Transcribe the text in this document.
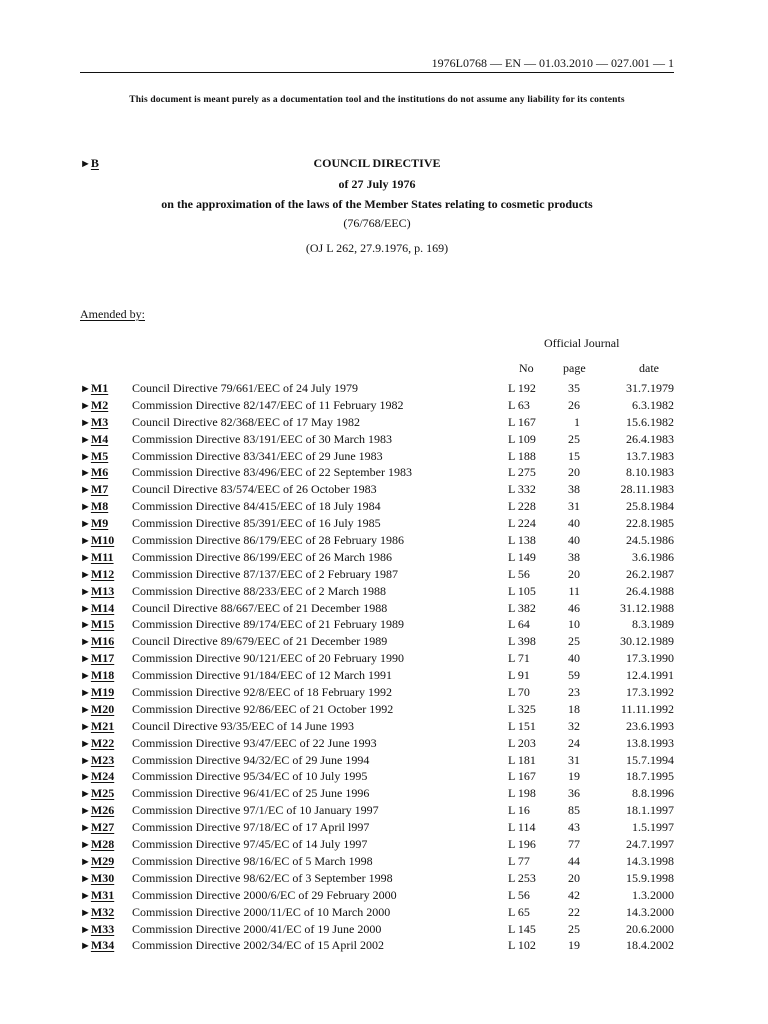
1976L0768 — EN — 01.03.2010 — 027.001 — 1
This document is meant purely as a documentation tool and the institutions do not assume any liability for its contents
►B	COUNCIL DIRECTIVE
of 27 July 1976
on the approximation of the laws of the Member States relating to cosmetic products
(76/768/EEC)
(OJ L 262, 27.9.1976, p. 169)
Amended by:
Official Journal
No page	date
►M1 Council Directive 79/661/EEC of 24 July 1979	L 192	35	31.7.1979
►M2 Commission Directive 82/147/EEC of 11 February 1982	L 63	26	6.3.1982
►M3 Council Directive 82/368/EEC of 17 May 1982	L 167	1	15.6.1982
►M4 Commission Directive 83/191/EEC of 30 March 1983	L 109	25	26.4.1983
►M5 Commission Directive 83/341/EEC of 29 June 1983	L 188	15	13.7.1983
►M6 Commission Directive 83/496/EEC of 22 September 1983	L 275	20	8.10.1983
►M7 Council Directive 83/574/EEC of 26 October 1983	L 332	38	28.11.1983
►M8 Commission Directive 84/415/EEC of 18 July 1984	L 228	31	25.8.1984
►M9 Commission Directive 85/391/EEC of 16 July 1985	L 224	40	22.8.1985
►M10 Commission Directive 86/179/EEC of 28 February 1986	L 138	40	24.5.1986
►M11 Commission Directive 86/199/EEC of 26 March 1986	L 149	38	3.6.1986
►M12 Commission Directive 87/137/EEC of 2 February 1987	L 56	20	26.2.1987
►M13 Commission Directive 88/233/EEC of 2 March 1988	L 105	11	26.4.1988
►M14 Council Directive 88/667/EEC of 21 December 1988	L 382	46	31.12.1988
►M15 Commission Directive 89/174/EEC of 21 February 1989	L 64	10	8.3.1989
►M16 Council Directive 89/679/EEC of 21 December 1989	L 398	25	30.12.1989
►M17 Commission Directive 90/121/EEC of 20 February 1990	L 71	40	17.3.1990
►M18 Commission Directive 91/184/EEC of 12 March 1991	L 91	59	12.4.1991
►M19 Commission Directive 92/8/EEC of 18 February 1992	L 70	23	17.3.1992
►M20 Commission Directive 92/86/EEC of 21 October 1992	L 325	18	11.11.1992
►M21 Council Directive 93/35/EEC of 14 June 1993	L 151	32	23.6.1993
►M22 Commission Directive 93/47/EEC of 22 June 1993	L 203	24	13.8.1993
►M23 Commission Directive 94/32/EC of 29 June 1994	L 181	31	15.7.1994
►M24 Commission Directive 95/34/EC of 10 July 1995	L 167	19	18.7.1995
►M25 Commission Directive 96/41/EC of 25 June 1996	L 198	36	8.8.1996
►M26 Commission Directive 97/1/EC of 10 January 1997	L 16	85	18.1.1997
►M27 Commission Directive 97/18/EC of 17 April l997	L 114	43	1.5.1997
►M28 Commission Directive 97/45/EC of 14 July 1997	L 196	77	24.7.1997
►M29 Commission Directive 98/16/EC of 5 March 1998	L 77	44	14.3.1998
►M30 Commission Directive 98/62/EC of 3 September 1998	L 253	20	15.9.1998
►M31 Commission Directive 2000/6/EC of 29 February 2000	L 56	42	1.3.2000
►M32 Commission Directive 2000/11/EC of 10 March 2000	L 65	22	14.3.2000
►M33 Commission Directive 2000/41/EC of 19 June 2000	L 145	25	20.6.2000
►M34 Commission Directive 2002/34/EC of 15 April 2002	L 102	19	18.4.2002
